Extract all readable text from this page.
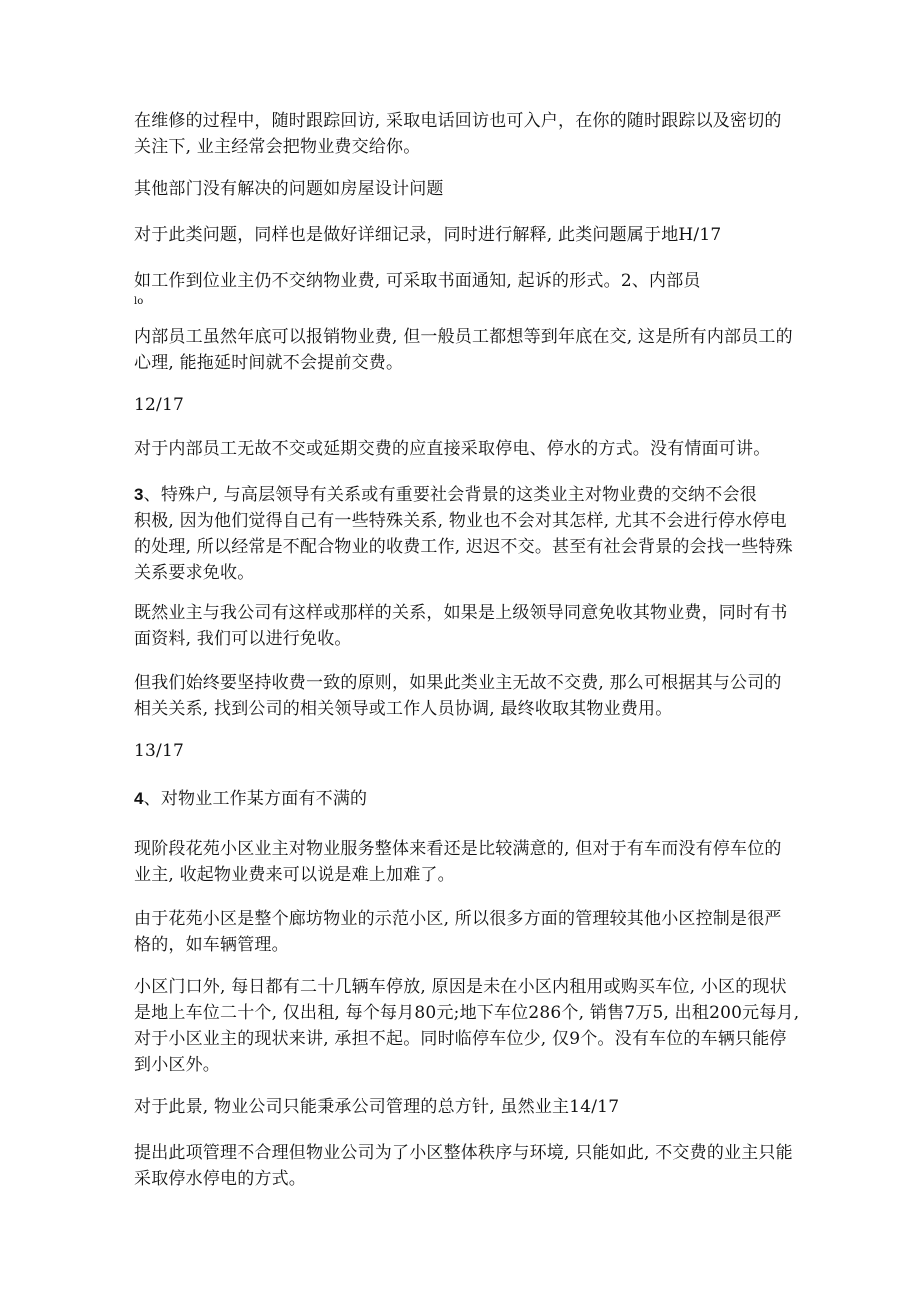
在维修的过程中，随时跟踪回访, 采取电话回访也可入户，在你的随时跟踪以及密切的
关注下, 业主经常会把物业费交给你。

其他部门没有解决的问题如房屋设计问题

对于此类问题，同样也是做好详细记录，同时进行解释, 此类问题属于地H/17

如工作到位业主仍不交纳物业费, 可采取书面通知, 起诉的形式。2、内部员

lo

内部员工虽然年底可以报销物业费, 但一般员工都想等到年底在交, 这是所有内部员工的
心理, 能拖延时间就不会提前交费。

12/17

对于内部员工无故不交或延期交费的应直接采取停电、停水的方式。没有情面可讲。

3、特殊户, 与高层领导有关系或有重要社会背景的这类业主对物业费的交纳不会很
积极, 因为他们觉得自己有一些特殊关系, 物业也不会对其怎样, 尤其不会进行停水停电
的处理, 所以经常是不配合物业的收费工作, 迟迟不交。甚至有社会背景的会找一些特殊
关系要求免收。

既然业主与我公司有这样或那样的关系，如果是上级领导同意免收其物业费，同时有书
面资料, 我们可以进行免收。

但我们始终要坚持收费一致的原则，如果此类业主无故不交费, 那么可根据其与公司的
相关关系, 找到公司的相关领导或工作人员协调, 最终收取其物业费用。

13/17

4、对物业工作某方面有不满的

现阶段花苑小区业主对物业服务整体来看还是比较满意的, 但对于有车而没有停车位的
业主, 收起物业费来可以说是难上加难了。

由于花苑小区是整个廊坊物业的示范小区, 所以很多方面的管理较其他小区控制是很严
格的，如车辆管理。

小区门口外, 每日都有二十几辆车停放, 原因是未在小区内租用或购买车位, 小区的现状
是地上车位二十个, 仅出租, 每个每月80元;地下车位286个, 销售7万5, 出租200元每月,
对于小区业主的现状来讲, 承担不起。同时临停车位少, 仅9个。没有车位的车辆只能停
到小区外。

对于此景, 物业公司只能秉承公司管理的总方针, 虽然业主14/17

提出此项管理不合理但物业公司为了小区整体秩序与环境, 只能如此, 不交费的业主只能
采取停水停电的方式。
